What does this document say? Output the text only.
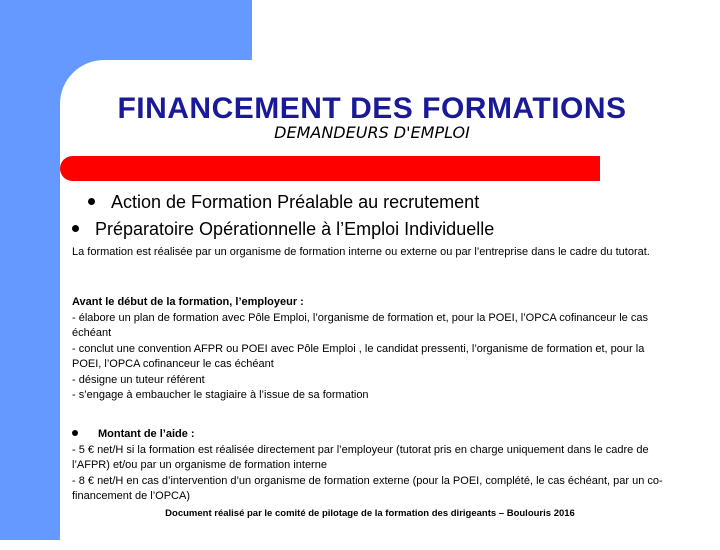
FINANCEMENT DES FORMATIONS
DEMANDEURS D'EMPLOI
Action de Formation Préalable au recrutement
Préparatoire Opérationnelle à l’Emploi Individuelle

La formation est réalisée par un organisme de formation interne ou externe ou par l’entreprise dans le cadre du tutorat.

Avant le début de la formation, l’employeur :

- élabore un plan de formation avec Pôle Emploi, l’organisme de formation et, pour la POEI, l’OPCA cofinanceur le cas échéant

- conclut une convention AFPR ou POEI avec Pôle Emploi , le candidat pressenti, l’organisme de formation et, pour la POEI, l’OPCA cofinanceur le cas échéant

- désigne un tuteur référent

- s’engage à embaucher le stagiaire à l’issue de sa formation

Montant de l’aide :

- 5 € net/H si la formation est réalisée directement par l’employeur (tutorat pris en charge uniquement dans le cadre de l’AFPR) et/ou par un organisme de formation interne

- 8 € net/H en cas d’intervention d’un organisme de formation externe (pour la POEI, complété, le cas échéant, par un co-financement de l’OPCA)

Document réalisé par le comité de pilotage de la formation des dirigeants – Boulouris 2016
